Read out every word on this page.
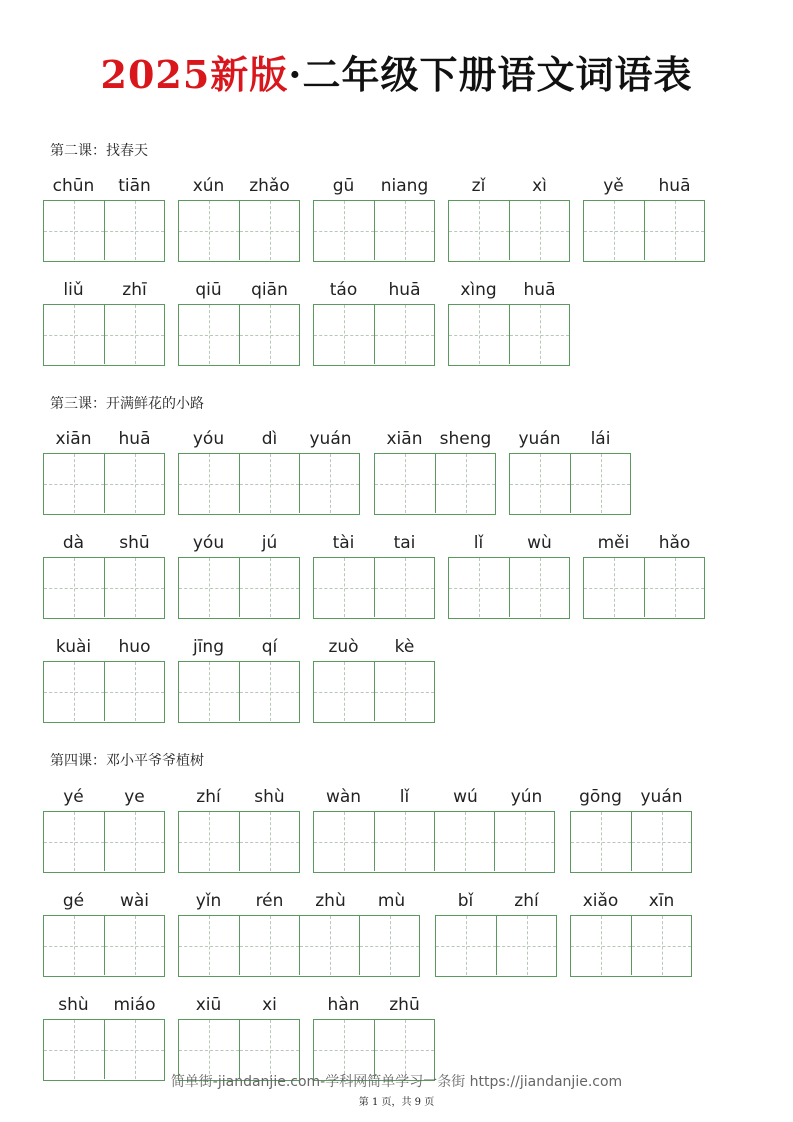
2025新版·二年级下册语文词语表
第二课：找春天
chūn	tiān	xún	zhǎo	gū	niang	zǐ	xì	yě	huā
liǔ	zhī	qiū	qiān	táo	huā	xìng	huā
第三课：开满鲜花的小路
xiān	huā	yóu	dì	yuán	xiān	sheng	yuán	lái
dà	shū	yóu	jú	tài	tai	lǐ	wù	měi	hǎo
kuài	huo	jīng	qí	zuò	kè
第四课：邓小平爷爷植树
yé	ye	zhí	shù	wàn	lǐ	wú	yún	gōng	yuán
gé	wài	yǐn	rén	zhù	mù	bǐ	zhí	xiǎo	xīn
shù	miáo	xiū	xi	hàn	zhū
简单街-jiandanjie.com-学科网简单学习一条街 https://jiandanjie.com
第 1 页，共 9 页
